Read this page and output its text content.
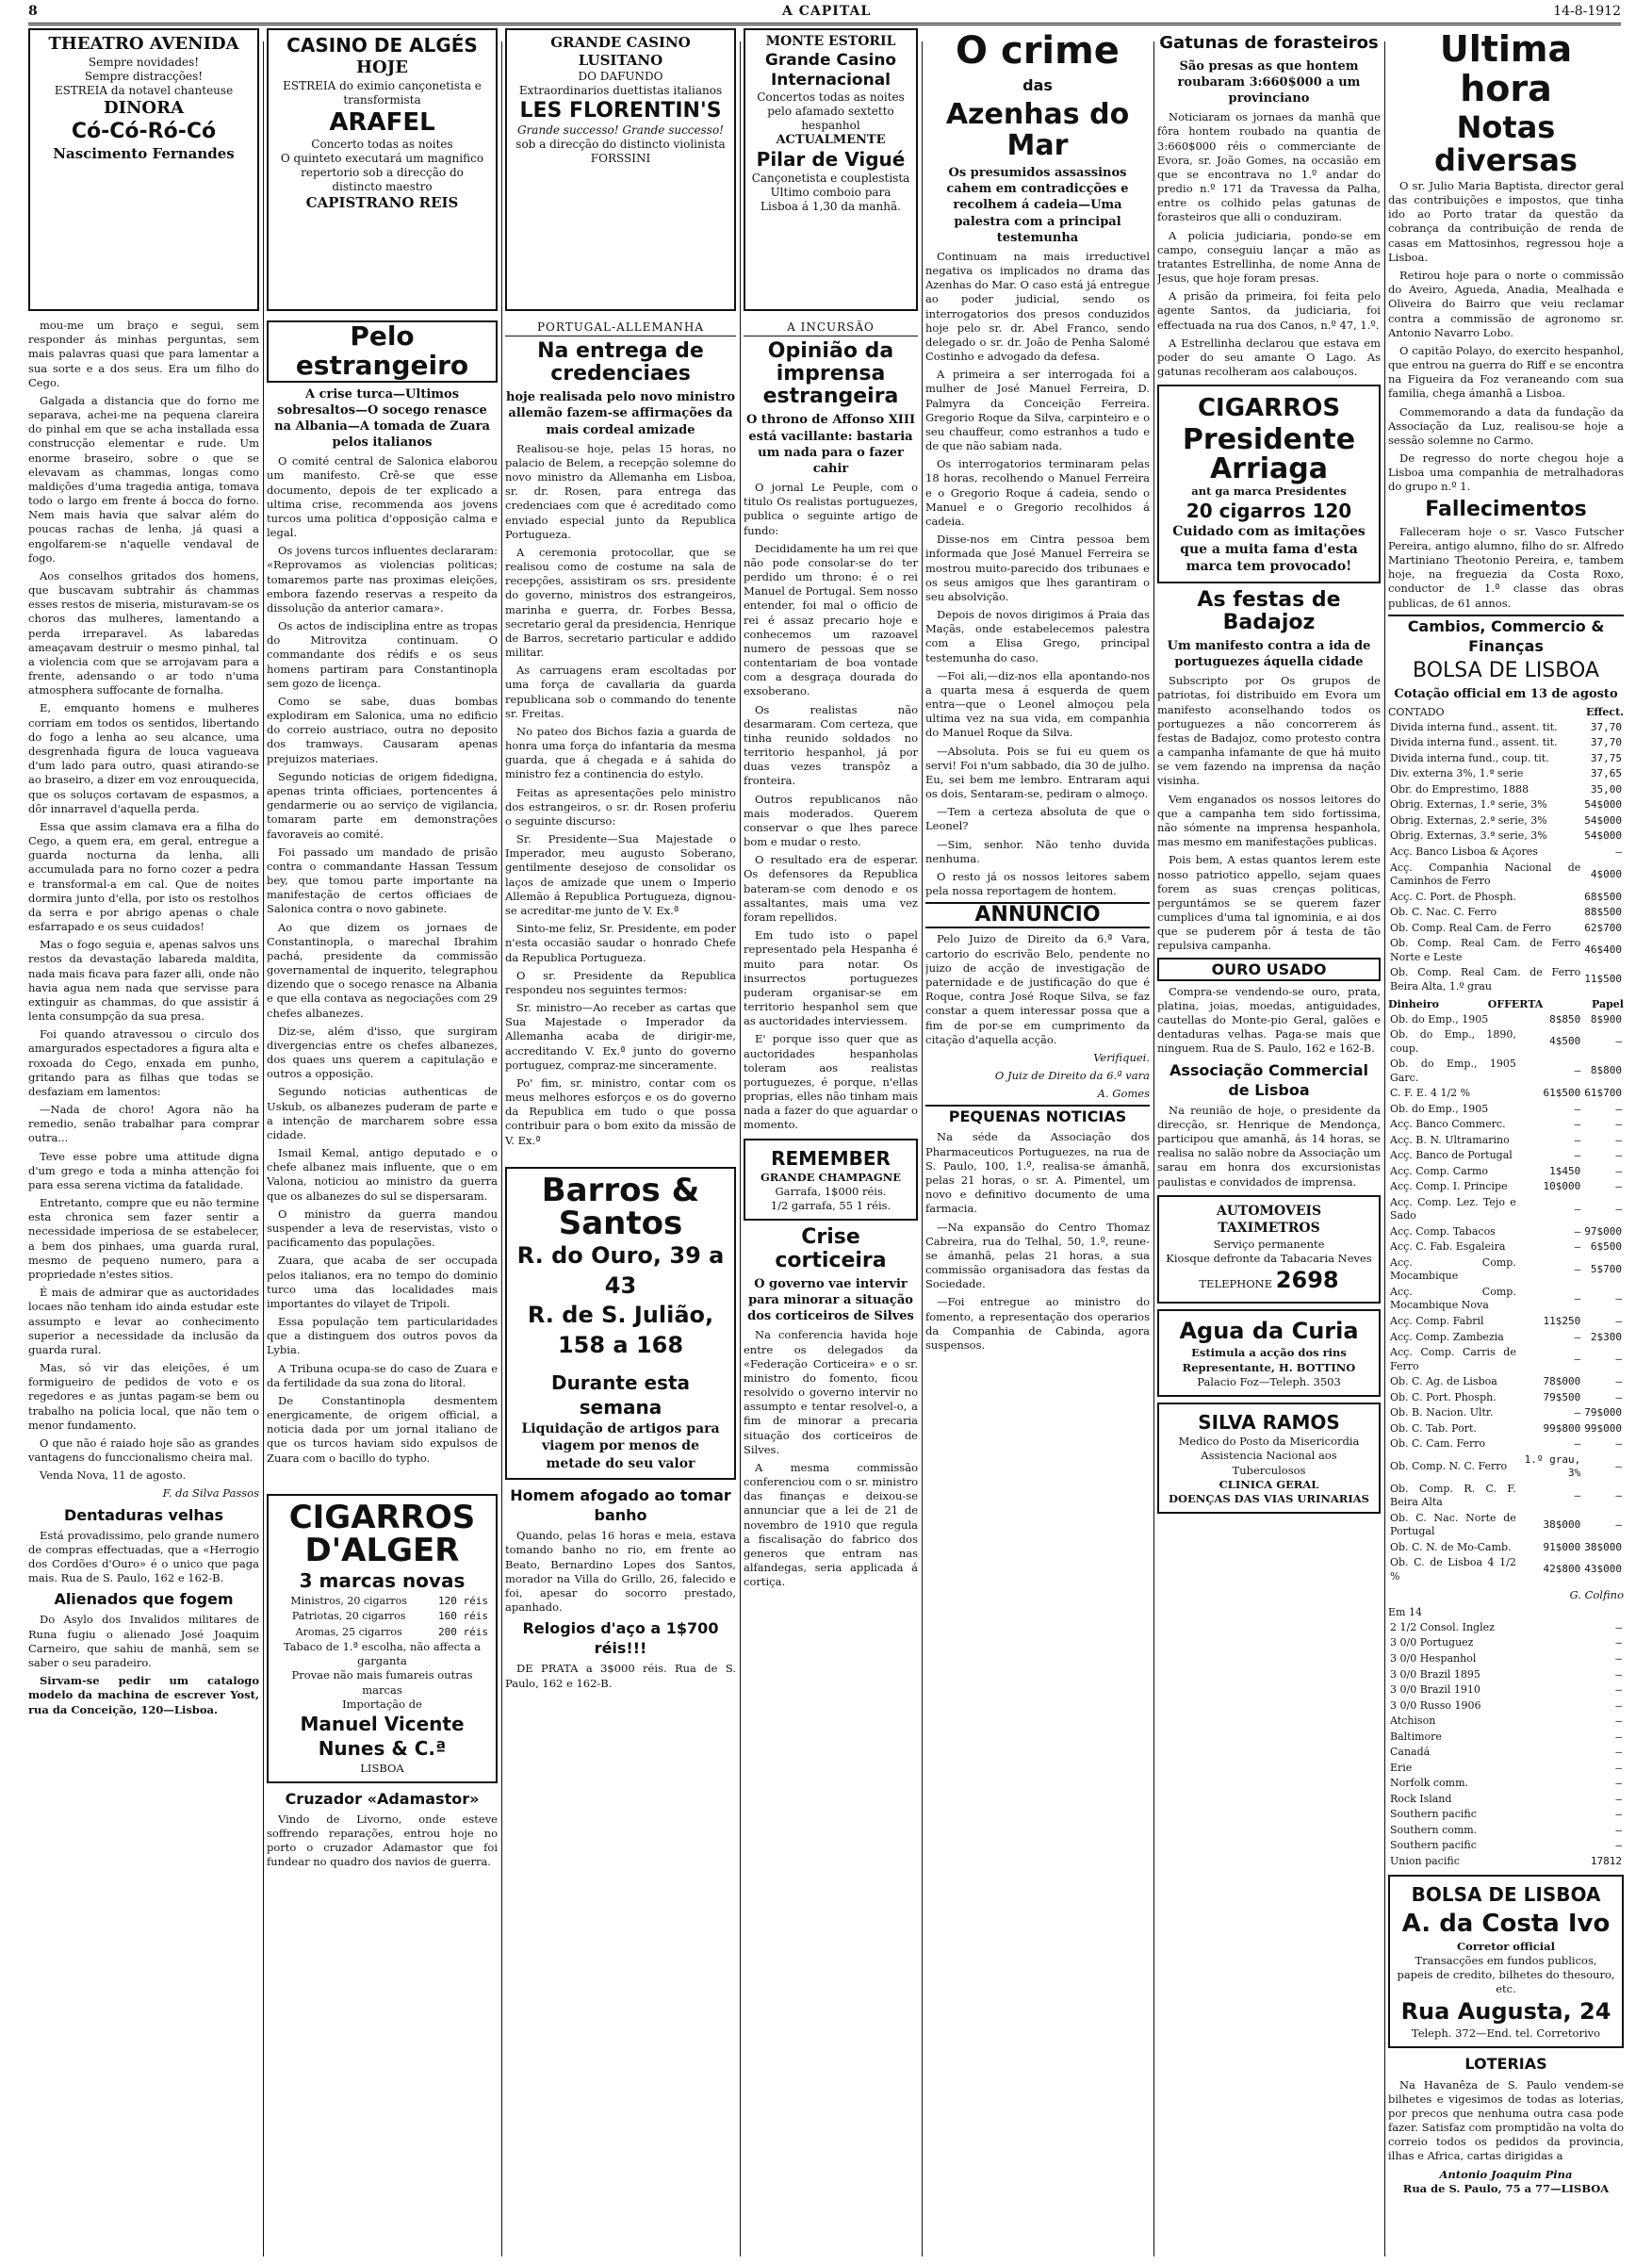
8	A CAPITAL	14-8-1912
THEATRO AVENIDA
Sempre novidades!
Sempre distracções!
ESTREIA da notavel chanteuse
DINORA
Có-Có-Ró-Có
Nascimento Fernandes
CASINO DE ALGÉS
HOJE
ESTREIA do eximio cançonetista e transformista
ARAFEL
Concerto todas as noites
O quinteto executará um magnifico repertorio sob a direcção do distincto maestro
CAPISTRANO REIS
GRANDE CASINO LUSITANO
DO DAFUNDO
Extraordinarios duettistas italianos
LES FLORENTIN'S
Grande successo! Grande successo!
sob a direcção do distincto violinista FORSSINI
MONTE ESTORIL
Grande Casino Internacional
Concertos todas as noites pelo afamado sextetto hespanhol
ACTUALMENTE
Pilar de Vigué
Cançonetista e couplestista
Ultimo comboio para Lisboa á 1,30 da manhã.

mou-me um braço e segui, sem responder ás minhas perguntas, sem mais palavras quasi que para lamentar a sua sorte e a dos seus. Era um filho do Cego.

Galgada a distancia que do forno me separava, achei-me na pequena clareira do pinhal em que se acha installada essa construcção elementar e rude. Um enorme braseiro, sobre o que se elevavam as chammas, longas como maldições d'uma tragedia antiga, tomava todo o largo em frente á bocca do forno. Nem mais havia que salvar além do poucas rachas de lenha, já quasi a engolfarem-se n'aquelle vendaval de fogo.

Aos conselhos gritados dos homens, que buscavam subtrahir ás chammas esses restos de miseria, misturavam-se os choros das mulheres, lamentando a perda irreparavel. As labaredas ameaçavam destruir o mesmo pinhal, tal a violencia com que se arrojavam para a frente, adensando o ar todo n'uma atmosphera suffocante de fornalha.

E, emquanto homens e mulheres corriam em todos os sentidos, libertando do fogo a lenha ao seu alcance, uma desgrenhada figura de louca vagueava d'um lado para outro, quasi atirando-se ao braseiro, a dizer em voz enrouquecida, que os soluços cortavam de espasmos, a dôr innarravel d'aquella perda.

Essa que assim clamava era a filha do Cego, a quem era, em geral, entregue a guarda nocturna da lenha, alli accumulada para no forno cozer a pedra e transformal-a em cal. Que de noites dormira junto d'ella, por isto os restolhos da serra e por abrigo apenas o chale esfarrapado e os seus cuidados!

Mas o fogo seguia e, apenas salvos uns restos da devastação labareda maldita, nada mais ficava para fazer alli, onde não havia agua nem nada que servisse para extinguir as chammas, do que assistir á lenta consumpção da sua presa.

Foi quando atravessou o circulo dos amargurados espectadores a figura alta e roxoada do Cego, enxada em punho, gritando para as filhas que todas se desfaziam em lamentos:

—Nada de choro! Agora não ha remedio, senão trabalhar para comprar outra...

Teve esse pobre uma attitude digna d'um grego e toda a minha attenção foi para essa serena victima da fatalidade.

Entretanto, compre que eu não termine esta chronica sem fazer sentir a necessidade imperiosa de se estabelecer, a bem dos pinhaes, uma guarda rural, mesmo de pequeno numero, para a propriedade n'estes sitios.

É mais de admirar que as auctoridades locaes não tenham ido ainda estudar este assumpto e levar ao conhecimento superior a necessidade da inclusão da guarda rural.

Mas, só vir das eleições, é um formigueiro de pedidos de voto e os regedores e as juntas pagam-se bem ou trabalho na policia local, que não tem o menor fundamento.

O que não é raiado hoje são as grandes vantagens do funccionalismo cheira mal.

Venda Nova, 11 de agosto.

F. da Silva Passos
Dentaduras velhas

Está provadissimo, pelo grande numero de compras effectuadas, que a «Herrogio dos Cordões d'Ouro» é o unico que paga mais. Rua de S. Paulo, 162 e 162-B.

Alienados que fogem

Do Asylo dos Invalidos militares de Runa fugiu o alienado José Joaquim Carneiro, que sahiu de manhã, sem se saber o seu paradeiro.

Sirvam-se pedir um catalogo modelo da machina de escrever Yost, rua da Conceição, 120—Lisboa.

Pelo estrangeiro
A crise turca—Ultimos sobresaltos—O socego renasce na Albania—A tomada de Zuara pelos italianos

O comité central de Salonica elaborou um manifesto. Crê-se que esse documento, depois de ter explicado a ultima crise, recommenda aos jovens turcos uma politica d'opposição calma e legal.

Os jovens turcos influentes declararam: «Reprovamos as violencias politicas; tomaremos parte nas proximas eleições, embora fazendo reservas a respeito da dissolução da anterior camara».

Os actos de indisciplina entre as tropas do Mitrovitza continuam. O commandante dos rédifs e os seus homens partiram para Constantinopla sem gozo de licença.

Como se sabe, duas bombas explodiram em Salonica, uma no edificio do correio austriaco, outra no deposito dos tramways. Causaram apenas prejuizos materiaes.

Segundo noticias de origem fidedigna, apenas trinta officiaes, portencentes á gendarmerie ou ao serviço de vigilancia, tomaram parte em demonstrações favoraveis ao comité.

Foi passado um mandado de prisão contra o commandante Hassan Tessum bey, que tomou parte importante na manifestação de certos officiaes de Salonica contra o novo gabinete.

Ao que dizem os jornaes de Constantinopla, o marechal Ibrahim pachá, presidente da commissão governamental de inquerito, telegraphou dizendo que o socego renasce na Albania e que ella contava as negociações com 29 chefes albanezes.

Diz-se, além d'isso, que surgiram divergencias entre os chefes albanezes, dos quaes uns querem a capitulação e outros a opposição.

Segundo noticias authenticas de Uskub, os albanezes puderam de parte e a intenção de marcharem sobre essa cidade.

Ismail Kemal, antigo deputado e o chefe albanez mais influente, que o em Valona, noticiou ao ministro da guerra que os albanezes do sul se dispersaram.

O ministro da guerra mandou suspender a leva de reservistas, visto o pacificamento das populações.

Zuara, que acaba de ser occupada pelos italianos, era no tempo do dominio turco uma das localidades mais importantes do vilayet de Tripoli.

Essa população tem particularidades que a distinguem dos outros povos da Lybia.

A Tribuna ocupa-se do caso de Zuara e da fertilidade da sua zona do litoral.

De Constantinopla desmentem energicamente, de origem official, a noticia dada por um jornal italiano de que os turcos haviam sido expulsos de Zuara com o bacillo do typho.

CIGARROS
D'ALGER
3 marcas novas
Ministros, 20 cigarros	120 réis
Patriotas, 20 cigarros	160 réis
Aromas, 25 cigarros	200 réis
Tabaco de 1.ª escolha, não affecta a garganta
Provae não mais fumareis outras marcas
Importação de
Manuel Vicente Nunes & C.ª
LISBOA
Cruzador «Adamastor»

Vindo de Livorno, onde esteve soffrendo reparações, entrou hoje no porto o cruzador Adamastor que foi fundear no quadro dos navios de guerra.

PORTUGAL-ALLEMANHA
Na entrega de credenciaes
hoje realisada pelo novo ministro allemão fazem-se affirmações da mais cordeal amizade

Realisou-se hoje, pelas 15 horas, no palacio de Belem, a recepção solemne do novo ministro da Allemanha em Lisboa, sr. dr. Rosen, para entrega das credenciaes com que é acreditado como enviado especial junto da Republica Portugueza.

A ceremonia protocollar, que se realisou como de costume na sala de recepções, assistiram os srs. presidente do governo, ministros dos estrangeiros, marinha e guerra, dr. Forbes Bessa, secretario geral da presidencia, Henrique de Barros, secretario particular e addido militar.

As carruagens eram escoltadas por uma força de cavallaria da guarda republicana sob o commando do tenente sr. Freitas.

No pateo dos Bichos fazia a guarda de honra uma força do infantaria da mesma guarda, que á chegada e á sahida do ministro fez a continencia do estylo.

Feitas as apresentações pelo ministro dos estrangeiros, o sr. dr. Rosen proferiu o seguinte discurso:

Sr. Presidente—Sua Majestade o Imperador, meu augusto Soberano, gentilmente desejoso de consolidar os laços de amizade que unem o Imperio Allemão á Republica Portugueza, dignou-se acreditar-me junto de V. Ex.ª

Sinto-me feliz, Sr. Presidente, em poder n'esta occasião saudar o honrado Chefe da Republica Portugueza.

O sr. Presidente da Republica respondeu nos seguintes termos:

Sr. ministro—Ao receber as cartas que Sua Majestade o Imperador da Allemanha acaba de dirigir-me, accreditando V. Ex.ª junto do governo portuguez, compraz-me sinceramente.

Po' fim, sr. ministro, contar com os meus melhores esforços e os do governo da Republica em tudo o que possa contribuir para o bom exito da missão de V. Ex.ª

Barros & Santos
R. do Ouro, 39 a 43
R. de S. Julião,
158 a 168
Durante esta semana
Liquidação de artigos para viagem por menos de metade do seu valor
Homem afogado ao tomar banho

Quando, pelas 16 horas e meia, estava tomando banho no rio, em frente ao Beato, Bernardino Lopes dos Santos, morador na Villa do Grillo, 26, falecido e foi, apesar do socorro prestado, apanhado.

Relogios d'aço a 1$700 réis!!!

DE PRATA a 3$000 réis. Rua de S. Paulo, 162 e 162-B.

A INCURSÃO
Opinião da imprensa estrangeira
O throno de Affonso XIII está vacillante: bastaria um nada para o fazer cahir

O jornal Le Peuple, com o titulo Os realistas portuguezes, publica o seguinte artigo de fundo:

Decididamente ha um rei que não pode consolar-se do ter perdido um throno: é o rei Manuel de Portugal. Sem nosso entender, foi mal o officio de rei é assaz precario hoje e conhecemos um razoavel numero de pessoas que se contentariam de boa vontade com a desgraça dourada do exsoberano.

Os realistas não desarmaram. Com certeza, que tinha reunido soldados no territorio hespanhol, já por duas vezes transpôz a fronteira.

Outros republicanos não mais moderados. Querem conservar o que lhes parece bom e mudar o resto.

O resultado era de esperar. Os defensores da Republica bateram-se com denodo e os assaltantes, mais uma vez foram repellidos.

Em tudo isto o papel representado pela Hespanha é muito para notar. Os insurrectos portuguezes puderam organisar-se em territorio hespanhol sem que as auctoridades interviessem.

E' porque isso quer que as auctoridades hespanholas toleram aos realistas portuguezes, é porque, n'ellas proprias, elles não tinham mais nada a fazer do que aguardar o momento.

REMEMBER
GRANDE CHAMPAGNE
Garrafa, 1$000 réis.
1/2 garrafa, 55 1 réis.
Crise corticeira
O governo vae intervir para minorar a situação dos corticeiros de Silves

Na conferencia havida hoje entre os delegados da «Federação Corticeira» e o sr. ministro do fomento, ficou resolvido o governo intervir no assumpto e tentar resolvel-o, a fim de minorar a precaria situação dos corticeiros de Silves.

A mesma commissão conferenciou com o sr. ministro das finanças e deixou-se annunciar que a lei de 21 de novembro de 1910 que regula a fiscalisação do fabrico dos generos que entram nas alfandegas, seria applicada á cortiça.

O crime
das
Azenhas do Mar
Os presumidos assassinos cahem em contradicções e recolhem á cadeia—Uma palestra com a principal testemunha

Continuam na mais irreductivel negativa os implicados no drama das Azenhas do Mar. O caso está já entregue ao poder judicial, sendo os interrogatorios dos presos conduzidos hoje pelo sr. dr. Abel Franco, sendo delegado o sr. dr. João de Penha Salomé Costinho e advogado da defesa.

A primeira a ser interrogada foi a mulher de José Manuel Ferreira, D. Palmyra da Conceição Ferreira. Gregorio Roque da Silva, carpinteiro e o seu chauffeur, como estranhos a tudo e de que não sabiam nada.

Os interrogatorios terminaram pelas 18 horas, recolhendo o Manuel Ferreira e o Gregorio Roque á cadeia, sendo o Manuel e o Gregorio recolhidos á cadeia.

Disse-nos em Cintra pessoa bem informada que José Manuel Ferreira se mostrou muito-parecido dos tribunaes e os seus amigos que lhes garantiram o seu absolvição.

Depois de novos dirigimos á Praia das Maçãs, onde estabelecemos palestra com a Elisa Grego, principal testemunha do caso.

—Foi ali,—diz-nos ella apontando-nos a quarta mesa á esquerda de quem entra—que o Leonel almoçou pela ultima vez na sua vida, em companhia do Manuel Roque da Silva.

—Absoluta. Pois se fui eu quem os servi! Foi n'um sabbado, dia 30 de julho. Eu, sei bem me lembro. Entraram aqui os dois, Sentaram-se, pediram o almoço.

—Tem a certeza absoluta de que o Leonel?

—Sim, senhor. Não tenho duvida nenhuma.

O resto já os nossos leitores sabem pela nossa reportagem de hontem.

ANNUNCIO

Pelo Juizo de Direito da 6.ª Vara, cartorio do escrivão Belo, pendente no juizo de acção de investigação de paternidade e de justificação do que é Roque, contra José Roque Silva, se faz constar a quem interessar possa que a fim de por-se em cumprimento da citação d'aquella acção.

Verifiquei.
O Juiz de Direito da 6.ª vara
A. Gomes
PEQUENAS NOTICIAS

Na séde da Associação dos Pharmaceuticos Portuguezes, na rua de S. Paulo, 100, 1.º, realisa-se ámanhã, pelas 21 horas, o sr. A. Pimentel, um novo e definitivo documento de uma farmacia.

—Na expansão do Centro Thomaz Cabreira, rua do Telhal, 50, 1.º, reune-se ámanhã, pelas 21 horas, a sua commissão organisadora das festas da Sociedade.

—Foi entregue ao ministro do fomento, a representação dos operarios da Companhia de Cabinda, agora suspensos.

Gatunas de forasteiros
São presas as que hontem roubaram 3:660$000 a um provinciano

Noticiaram os jornaes da manhã que fôra hontem roubado na quantia de 3:660$000 réis o commerciante de Evora, sr. João Gomes, na occasião em que se encontrava no 1.º andar do predio n.º 171 da Travessa da Palha, entre os colhido pelas gatunas de forasteiros que alli o conduziram.

A policia judiciaria, pondo-se em campo, conseguiu lançar a mão as tratantes Estrellinha, de nome Anna de Jesus, que hoje foram presas.

A prisão da primeira, foi feita pelo agente Santos, da judiciaria, foi effectuada na rua dos Canos, n.º 47, 1.º.

A Estrellinha declarou que estava em poder do seu amante O Lago. As gatunas recolheram aos calabouços.

CIGARROS
Presidente Arriaga
ant ga marca Presidentes
20 cigarros 120
Cuidado com as imitações que a muita fama d'esta marca tem provocado!
As festas de Badajoz
Um manifesto contra a ida de portuguezes áquella cidade

Subscripto por Os grupos de patriotas, foi distribuido em Evora um manifesto aconselhando todos os portuguezes a não concorrerem ás festas de Badajoz, como protesto contra a campanha infamante de que há muito se vem fazendo na imprensa da nação visinha.

Vem enganados os nossos leitores do que a campanha tem sido fortissima, não sómente na imprensa hespanhola, mas mesmo em manifestações publicas.

Pois bem, A estas quantos lerem este nosso patriotico appello, sejam quaes forem as suas crenças politicas, perguntámos se se querem fazer cumplices d'uma tal ignominia, e ai dos que se puderem pôr á testa de tão repulsiva campanha.

OURO USADO

Compra-se vendendo-se ouro, prata, platina, joias, moedas, antiguidades, cautellas do Monte-pio Geral, galões e dentaduras velhas. Paga-se mais que ninguem. Rua de S. Paulo, 162 e 162-B.

Associação Commercial de Lisboa

Na reunião de hoje, o presidente da direcção, sr. Henrique de Mendonça, participou que amanhã, ás 14 horas, se realisa no salão nobre da Associação um sarau em honra dos excursionistas paulistas e convidados de imprensa.

AUTOMOVEIS TAXIMETROS
Serviço permanente
Kiosque defronte da Tabacaria Neves
TELEPHONE 2698
Agua da Curia
Estimula a acção dos rins
Representante, H. BOTTINO
Palacio Foz—Teleph. 3503
SILVA RAMOS
Medico do Posto da Misericordia
Assistencia Nacional aos Tuberculosos
CLINICA GERAL
DOENÇAS DAS VIAS URINARIAS
Ultima hora
Notas diversas

O sr. Julio Maria Baptista, director geral das contribuições e impostos, que tinha ido ao Porto tratar da questão da cobrança da contribuição de renda de casas em Mattosinhos, regressou hoje a Lisboa.

Retirou hoje para o norte o commissão do Aveiro, Agueda, Anadia, Mealhada e Oliveira do Bairro que veiu reclamar contra a commissão de agronomo sr. Antonio Navarro Lobo.

O capitão Polayo, do exercito hespanhol, que entrou na guerra do Riff e se encontra na Figueira da Foz veraneando com sua familia, chega ámanhã a Lisboa.

Commemorando a data da fundação da Associação da Luz, realisou-se hoje a sessão solemne no Carmo.

De regresso do norte chegou hoje a Lisboa uma companhia de metralhadoras do grupo n.º 1.

Fallecimentos

Falleceram hoje o sr. Vasco Futscher Pereira, antigo alumno, filho do sr. Alfredo Martiniano Theotonio Pereira, e, tambem hoje, na freguezia da Costa Roxo, conductor de 1.ª classe das obras publicas, de 61 annos.

Cambios, Commercio & Finanças
BOLSA DE LISBOA
Cotação official em 13 de agosto
CONTADO	Effect.
Divida interna fund., assent. tit.	37,70
Divida interna fund., assent. tit.	37,70
Divida interna fund., coup. tit.	37,75
Div. externa 3%, 1.ª serie	37,65
Obr. do Emprestimo, 1888	35,00
Obrig. Externas, 1.ª serie, 3%	54$000
Obrig. Externas, 2.ª serie, 3%	54$000
Obrig. Externas, 3.ª serie, 3%	54$000
Acç. Banco Lisboa & Açores	—
Acç. Companhia Nacional de Caminhos de Ferro	4$000
Acç. C. Port. de Phosph.	68$500
Ob. C. Nac. C. Ferro	88$500
Ob. Comp. Real Cam. de Ferro	62$700
Ob. Comp. Real Cam. de Ferro Norte e Leste	46$400
Ob. Comp. Real Cam. de Ferro Beira Alta, 1.º grau	11$500
Dinheiro	OFFERTA	Papel
Ob. do Emp., 1905	8$850	8$900
Ob. do Emp., 1890, coup.	4$500	—
Ob. do Emp., 1905 Garc.	—	8$800
C. F. E. 4 1/2 %	61$500	61$700
Ob. do Emp., 1905	—	—
Acç. Banco Commerc.	—	—
Acç. B. N. Ultramarino	—	—
Acç. Banco de Portugal	—	—
Acç. Comp. Carmo	1$450	—
Acç. Comp. I. Principe	10$000	—
Acç. Comp. Lez. Tejo e Sado	—	—
Acç. Comp. Tabacos	—	97$000
Acç. C. Fab. Esgaleira	—	6$500
Acç. Comp. Mocambique	—	5$700
Acç. Comp. Mocambique Nova	—	—
Acç. Comp. Fabril	11$250	—
Acç. Comp. Zambezia	—	2$300
Acç. Comp. Carris de Ferro	—	—
Ob. C. Ag. de Lisboa	78$000	—
Ob. C. Port. Phosph.	79$500	—
Ob. B. Nacion. Ultr.	—	79$000
Ob. C. Tab. Port.	99$800	99$000
Ob. C. Cam. Ferro	—	—
Ob. Comp. N. C. Ferro	1.º grau, 3%	—
Ob. Comp. R. C. F. Beira Alta	—	—
Ob. C. Nac. Norte de Portugal	38$000	—
Ob. C. N. de Mo-Camb.	91$000	38$000
Ob. C. de Lisboa 4 1/2 %	42$800	43$000
G. Colfino
Em 14
2 1/2 Consol. Inglez	—
3 0/0 Portuguez	—
3 0/0 Hespanhol	—
3 0/0 Brazil 1895	—
3 0/0 Brazil 1910	—
3 0/0 Russo 1906	—
Atchison	—
Baltimore	—
Canadá	—
Erie	—
Norfolk comm.	—
Rock Island	—
Southern pacific	—
Southern comm.	—
Southern pacific	—
Union pacific	17812
BOLSA DE LISBOA
A. da Costa Ivo
Corretor official
Transacções em fundos publicos, papeis de credito, bilhetes do thesouro, etc.
Rua Augusta, 24
Teleph. 372—End. tel. Corretorivo
LOTERIAS

Na Havanêza de S. Paulo vendem-se bilhetes e vigesimos de todas as loterias, por precos que nenhuma outra casa pode fazer. Satisfaz com promptidão na volta do correio todos os pedidos da provincia, ilhas e Africa, cartas dirigidas a

Antonio Joaquim Pina
Rua de S. Paulo, 75 a 77—LISBOA
